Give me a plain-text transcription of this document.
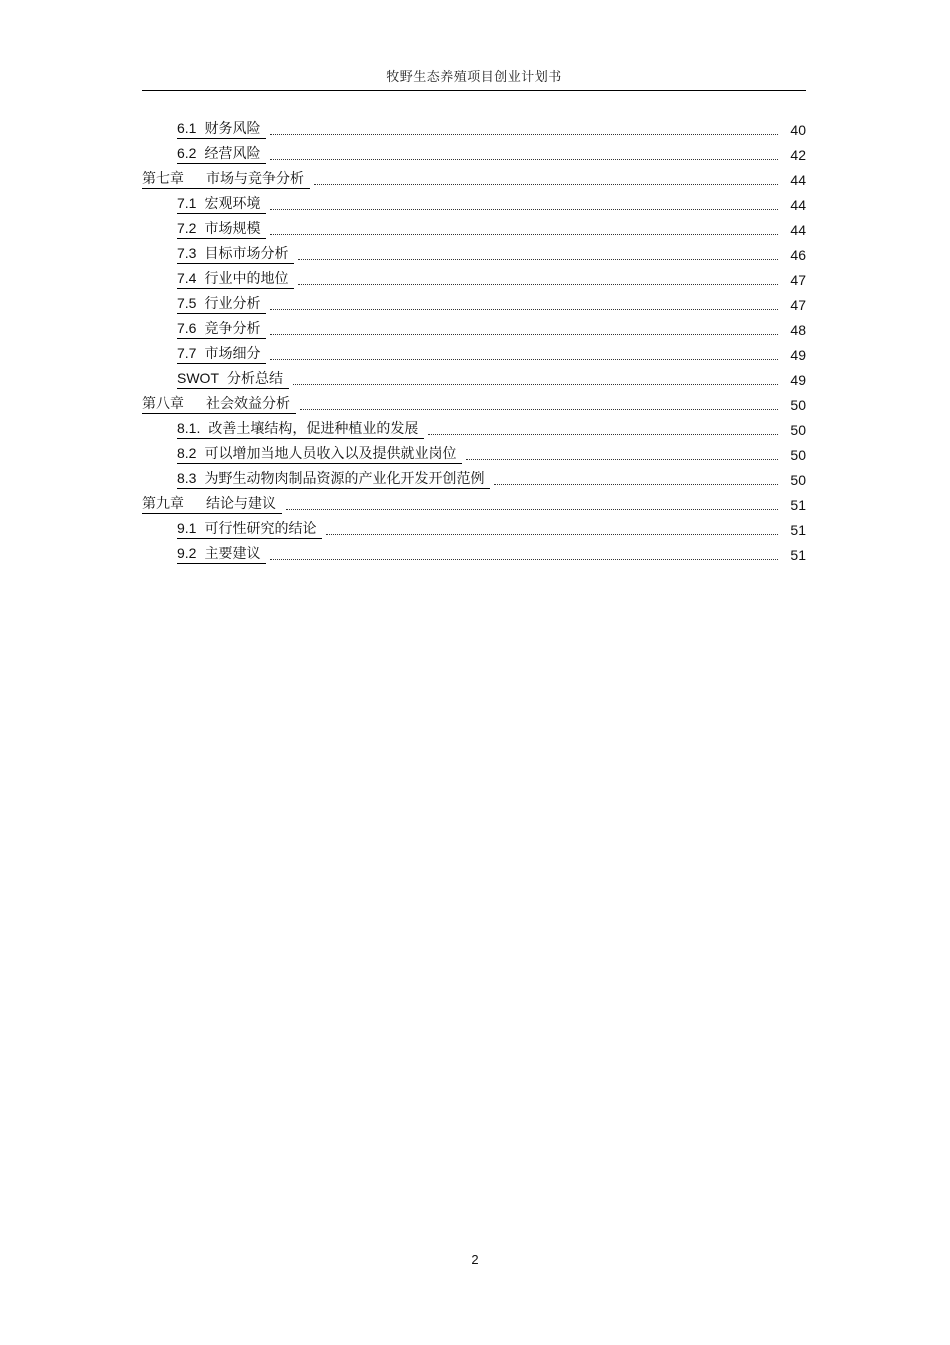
牧野生态养殖项目创业计划书
6.1 财务风险	40
6.2 经营风险	42
第七章 市场与竞争分析	44
7.1 宏观环境	44
7.2 市场规模	44
7.3 目标市场分析	46
7.4 行业中的地位	47
7.5 行业分析	47
7.6 竞争分析	48
7.7 市场细分	49
SWOT 分析总结	49
第八章 社会效益分析	50
8.1. 改善土壤结构，促进种植业的发展	50
8.2 可以增加当地人员收入以及提供就业岗位	50
8.3 为野生动物肉制品资源的产业化开发开创范例	50
第九章 结论与建议	51
9.1 可行性研究的结论	51
9.2 主要建议	51
2
